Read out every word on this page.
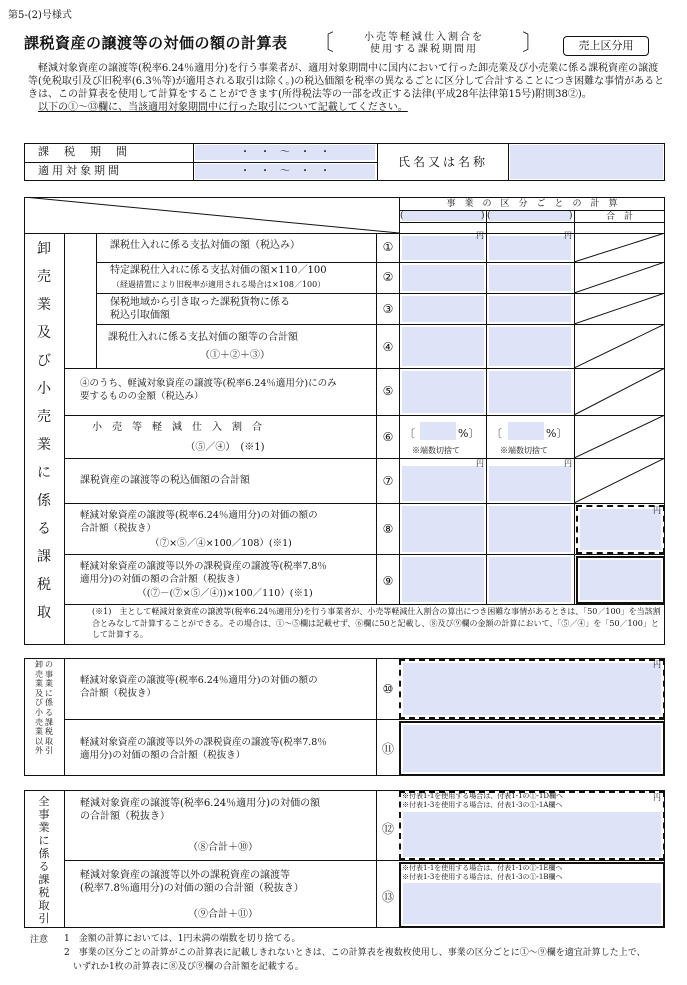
第5-(2)号様式
課税資産の譲渡等の対価の額の計算表 〔	小売等軽減仕入割合を
使用する課税期間用	〕	売上区分用

軽減対象資産の譲渡等(税率6.24％適用分)を行う事業者が、適用対象期間中に国内において行った卸売業及び小売業に係る課税資産の譲渡等(免税取引及び旧税率(6.3％等)が適用される取引は除く。)の税込価額を税率の異なるごとに区分して合計することにつき困難な事情があるときは、この計算表を使用して計算をすることができます(所得税法等の一部を改正する法律(平成28年法律第15号)附則38②)。

以下の①～⑬欄に、当該適用対象期間中に行った取引について記載してください。

課　税　期　間
適用対象期間
・　・　～　・　・
・　・　～　・　・
氏名又は名称
事　業　の　区　分　ご　と　の　計　算
(	) (	)	合　計
卸
売
業
及
び
小
売
業
に
係
る
課
税
取
課税仕入れに係る支払対価の額（税込み）	①
円	円
特定課税仕入れに係る支払対価の額×110／100
（経過措置により旧税率が適用される場合は×108／100）
②
保税地域から引き取った課税貨物に係る
税込引取価額	③
課税仕入れに係る支払対価の額等の合計額
（①＋②＋③）
④
④のうち、軽減対象資産の譲渡等(税率6.24％適用分)にのみ
要するものの金額（税込み）	⑤
小　売　等　軽　減　仕　入　割　合
（⑤／④）　(※1)
⑥ 〔	%〕
※端数切捨て
〔	%〕
※端数切捨て
課税資産の譲渡等の税込価額の合計額	⑦
円	円
軽減対象資産の譲渡等(税率6.24％適用分)の対価の額の
合計額（税抜き）
（⑦×⑤／④×100／108）(※1)
⑧
円
軽減対象資産の譲渡等以外の課税資産の譲渡等(税率7.8％
適用分)の対価の額の合計額（税抜き）
（(⑦－(⑦×⑤／④))×100／110）(※1)
⑨
(※1)　主として軽減対象資産の譲渡等(税率6.24％適用分)を行う事業者が、小売等軽減仕入割合の算出につき困難な事情があるときは、「50／100」を当該割合とみなして計算することができる。その場合は、①～⑤欄は記載せず、⑥欄に50と記載し、⑧及び⑨欄の金額の計算において、「⑤／④」を「50／100」として計算する。
卸
売
業
及
び
小
売
業
以
外
の
事
業
に
係
る
課
税
取
引
軽減対象資産の譲渡等(税率6.24％適用分)の対価の額の
合計額（税抜き）	⑩
円
軽減対象資産の譲渡等以外の課税資産の譲渡等(税率7.8％
適用分)の対価の額の合計額（税抜き）	⑪
全
事
業
に
係
る
課
税
取
引
軽減対象資産の譲渡等(税率6.24％適用分)の対価の額
の合計額（税抜き）
（⑧合計＋⑩）
⑫
※付表1-1を使用する場合は、付表1-1の①-1D欄へ
※付表1-3を使用する場合は、付表1-3の①-1A欄へ
円
軽減対象資産の譲渡等以外の課税資産の譲渡等
(税率7.8％適用分)の対価の額の合計額（税抜き）
（⑨合計＋⑪）
⑬
※付表1-1を使用する場合は、付表1-1の①-1E欄へ
※付表1-3を使用する場合は、付表1-3の①-1B欄へ
注意 1　金額の計算においては、1円未満の端数を切り捨てる。
2　事業の区分ごとの計算がこの計算表に記載しきれないときは、この計算表を複数枚使用し、事業の区分ごとに①～⑨欄を適宜計算した上で、
いずれか1枚の計算表に⑧及び⑨欄の合計額を記載する。
